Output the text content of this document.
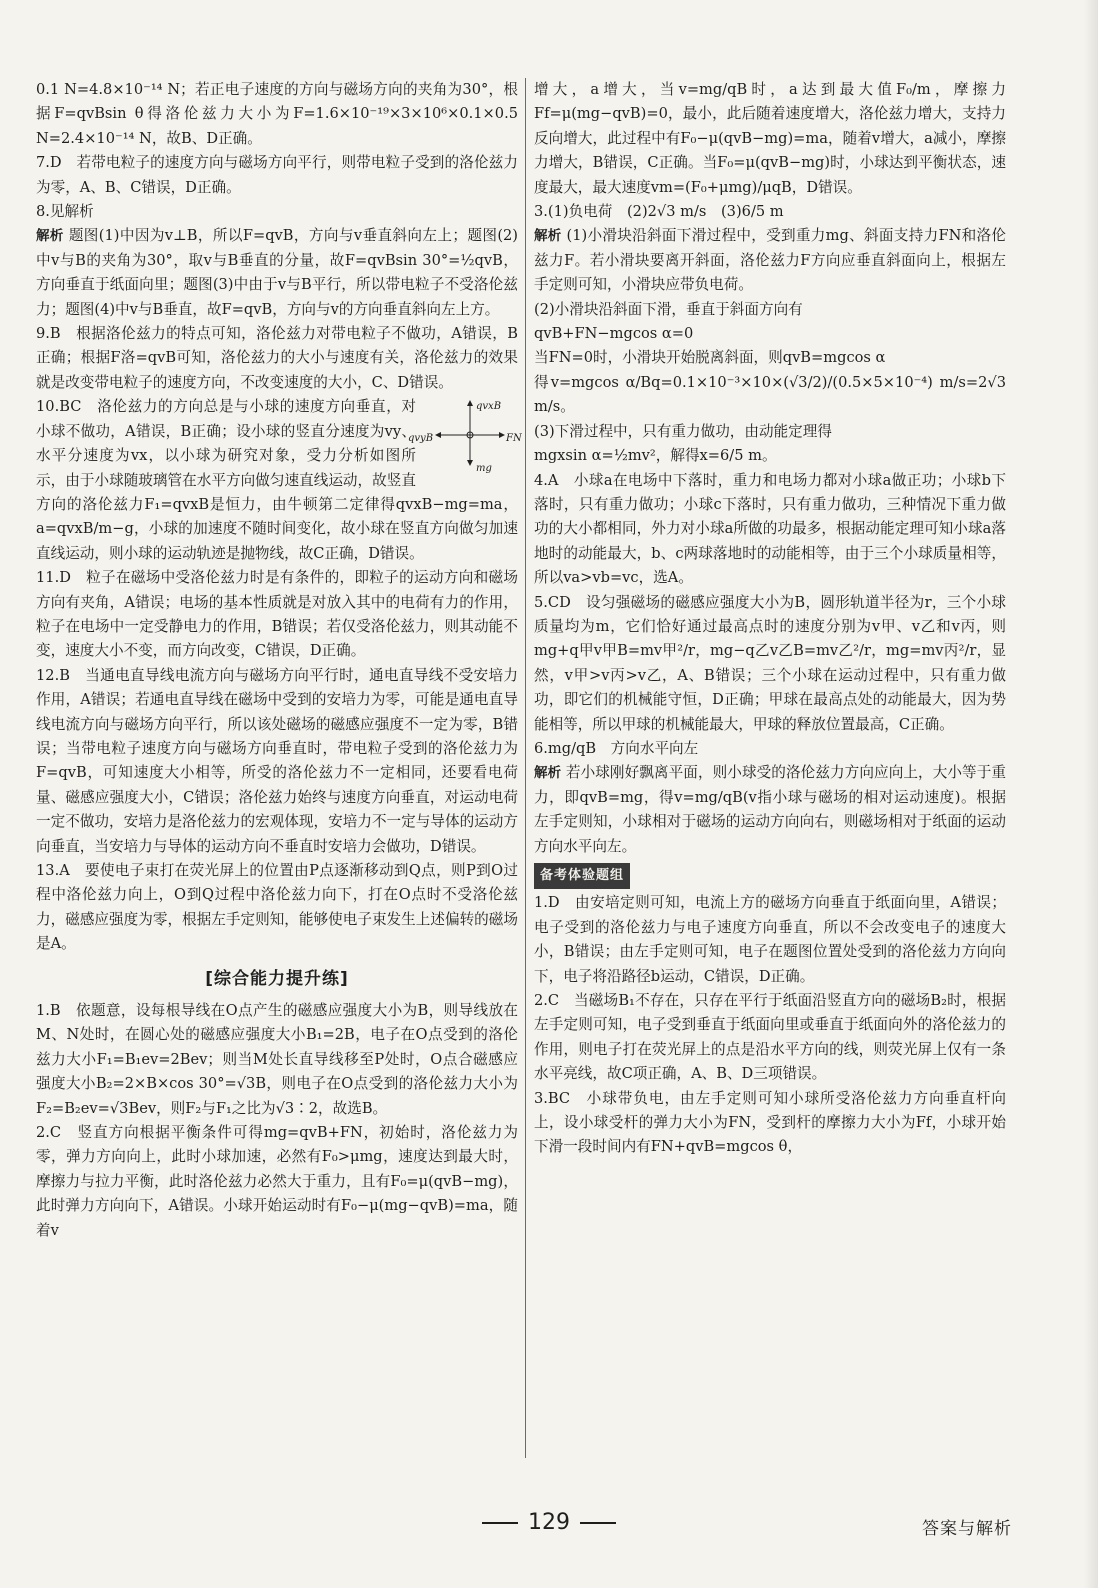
0.1 N=4.8×10⁻¹⁴ N；若正电子速度的方向与磁场方向的夹角为30°，根据F=qvBsin θ得洛伦兹力大小为F=1.6×10⁻¹⁹×3×10⁶×0.1×0.5 N=2.4×10⁻¹⁴ N，故B、D正确。

7.D　若带电粒子的速度方向与磁场方向平行，则带电粒子受到的洛伦兹力为零，A、B、C错误，D正确。

8.见解析

解析 题图(1)中因为v⊥B，所以F=qvB，方向与v垂直斜向左上；题图(2)中v与B的夹角为30°，取v与B垂直的分量，故F=qvBsin 30°=½qvB，方向垂直于纸面向里；题图(3)中由于v与B平行，所以带电粒子不受洛伦兹力；题图(4)中v与B垂直，故F=qvB，方向与v的方向垂直斜向左上方。

9.B　根据洛伦兹力的特点可知，洛伦兹力对带电粒子不做功，A错误，B正确；根据F洛=qvB可知，洛伦兹力的大小与速度有关，洛伦兹力的效果就是改变带电粒子的速度方向，不改变速度的大小，C、D错误。

qvxB
qvyB	FN
mg

10.BC　洛伦兹力的方向总是与小球的速度方向垂直，对小球不做功，A错误，B正确；设小球的竖直分速度为vy、水平分速度为vx，以小球为研究对象，受力分析如图所示，由于小球随玻璃管在水平方向做匀速直线运动，故竖直方向的洛伦兹力F₁=qvxB是恒力，由牛顿第二定律得qvxB−mg=ma，a=qvxB/m−g，小球的加速度不随时间变化，故小球在竖直方向做匀加速直线运动，则小球的运动轨迹是抛物线，故C正确，D错误。

11.D　粒子在磁场中受洛伦兹力时是有条件的，即粒子的运动方向和磁场方向有夹角，A错误；电场的基本性质就是对放入其中的电荷有力的作用，粒子在电场中一定受静电力的作用，B错误；若仅受洛伦兹力，则其动能不变，速度大小不变，而方向改变，C错误，D正确。

12.B　当通电直导线电流方向与磁场方向平行时，通电直导线不受安培力作用，A错误；若通电直导线在磁场中受到的安培力为零，可能是通电直导线电流方向与磁场方向平行，所以该处磁场的磁感应强度不一定为零，B错误；当带电粒子速度方向与磁场方向垂直时，带电粒子受到的洛伦兹力为F=qvB，可知速度大小相等，所受的洛伦兹力不一定相同，还要看电荷量、磁感应强度大小，C错误；洛伦兹力始终与速度方向垂直，对运动电荷一定不做功，安培力是洛伦兹力的宏观体现，安培力不一定与导体的运动方向垂直，当安培力与导体的运动方向不垂直时安培力会做功，D错误。

13.A　要使电子束打在荧光屏上的位置由P点逐渐移动到Q点，则P到O过程中洛伦兹力向上，O到Q过程中洛伦兹力向下，打在O点时不受洛伦兹力，磁感应强度为零，根据左手定则知，能够使电子束发生上述偏转的磁场是A。

[综合能力提升练]

1.B　依题意，设每根导线在O点产生的磁感应强度大小为B，则导线放在M、N处时，在圆心处的磁感应强度大小B₁=2B，电子在O点受到的洛伦兹力大小F₁=B₁ev=2Bev；则当M处长直导线移至P处时，O点合磁感应强度大小B₂=2×B×cos 30°=√3B，则电子在O点受到的洛伦兹力大小为F₂=B₂ev=√3Bev，则F₂与F₁之比为√3∶2，故选B。

2.C　竖直方向根据平衡条件可得mg=qvB+FN，初始时，洛伦兹力为零，弹力方向向上，此时小球加速，必然有F₀>μmg，速度达到最大时，摩擦力与拉力平衡，此时洛伦兹力必然大于重力，且有F₀=μ(qvB−mg)，此时弹力方向向下，A错误。小球开始运动时有F₀−μ(mg−qvB)=ma，随着v

增大，a增大，当v=mg/qB时，a达到最大值F₀/m，摩擦力Ff=μ(mg−qvB)=0，最小，此后随着速度增大，洛伦兹力增大，支持力反向增大，此过程中有F₀−μ(qvB−mg)=ma，随着v增大，a减小，摩擦力增大，B错误，C正确。当F₀=μ(qvB−mg)时，小球达到平衡状态，速度最大，最大速度vm=(F₀+μmg)/μqB，D错误。

3.(1)负电荷　(2)2√3 m/s　(3)6/5 m

解析 (1)小滑块沿斜面下滑过程中，受到重力mg、斜面支持力FN和洛伦兹力F。若小滑块要离开斜面，洛伦兹力F方向应垂直斜面向上，根据左手定则可知，小滑块应带负电荷。

(2)小滑块沿斜面下滑，垂直于斜面方向有

qvB+FN−mgcos α=0

当FN=0时，小滑块开始脱离斜面，则qvB=mgcos α

得v=mgcos α/Bq=0.1×10⁻³×10×(√3/2)/(0.5×5×10⁻⁴) m/s=2√3 m/s。

(3)下滑过程中，只有重力做功，由动能定理得

mgxsin α=½mv²，解得x=6/5 m。

4.A　小球a在电场中下落时，重力和电场力都对小球a做正功；小球b下落时，只有重力做功；小球c下落时，只有重力做功，三种情况下重力做功的大小都相同，外力对小球a所做的功最多，根据动能定理可知小球a落地时的动能最大，b、c两球落地时的动能相等，由于三个小球质量相等，所以va>vb=vc，选A。

5.CD　设匀强磁场的磁感应强度大小为B，圆形轨道半径为r，三个小球质量均为m，它们恰好通过最高点时的速度分别为v甲、v乙和v丙，则mg+q甲v甲B=mv甲²/r，mg−q乙v乙B=mv乙²/r，mg=mv丙²/r，显然，v甲>v丙>v乙，A、B错误；三个小球在运动过程中，只有重力做功，即它们的机械能守恒，D正确；甲球在最高点处的动能最大，因为势能相等，所以甲球的机械能最大，甲球的释放位置最高，C正确。

6.mg/qB　方向水平向左

解析 若小球刚好飘离平面，则小球受的洛伦兹力方向应向上，大小等于重力，即qvB=mg，得v=mg/qB(v指小球与磁场的相对运动速度)。根据左手定则知，小球相对于磁场的运动方向向右，则磁场相对于纸面的运动方向水平向左。

备考体验题组

1.D　由安培定则可知，电流上方的磁场方向垂直于纸面向里，A错误；电子受到的洛伦兹力与电子速度方向垂直，所以不会改变电子的速度大小，B错误；由左手定则可知，电子在题图位置处受到的洛伦兹力方向向下，电子将沿路径b运动，C错误，D正确。

2.C　当磁场B₁不存在，只存在平行于纸面沿竖直方向的磁场B₂时，根据左手定则可知，电子受到垂直于纸面向里或垂直于纸面向外的洛伦兹力的作用，则电子打在荧光屏上的点是沿水平方向的线，则荧光屏上仅有一条水平亮线，故C项正确，A、B、D三项错误。

3.BC　小球带负电，由左手定则可知小球所受洛伦兹力方向垂直杆向上，设小球受杆的弹力大小为FN，受到杆的摩擦力大小为Ff，小球开始下滑一段时间内有FN+qvB=mgcos θ，

129	答案与解析
